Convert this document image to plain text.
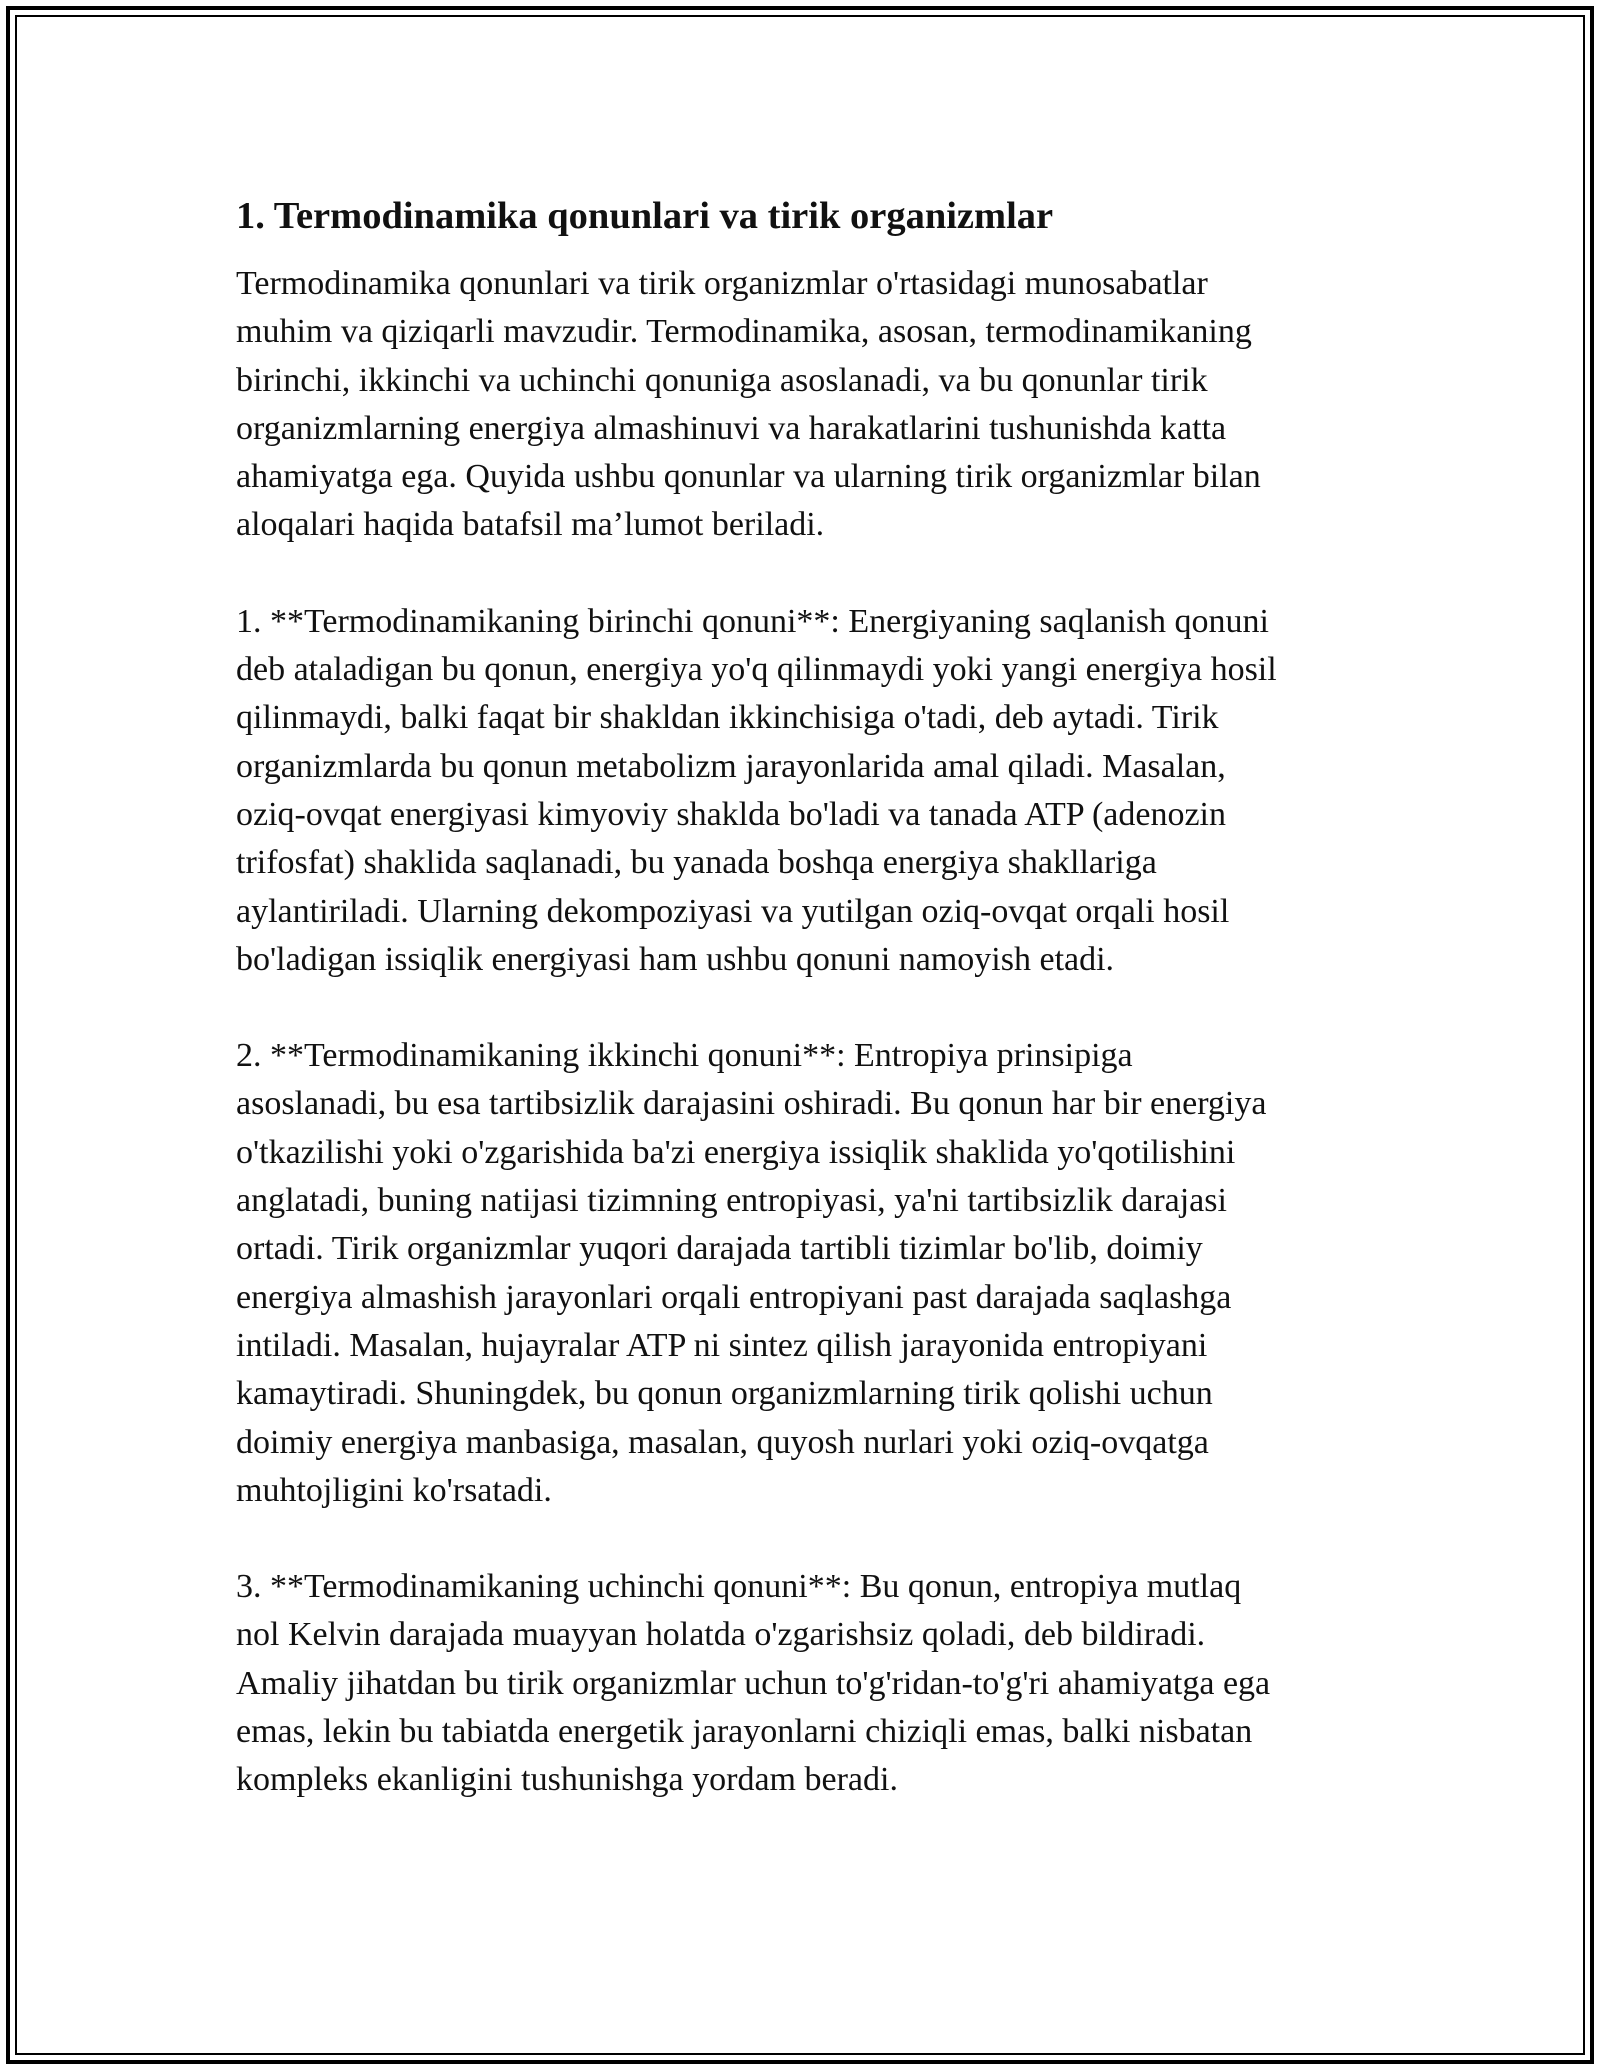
1. Termodinamika qonunlari va tirik organizmlar

Termodinamika qonunlari va tirik organizmlar o'rtasidagi munosabatlar
muhim va qiziqarli mavzudir. Termodinamika, asosan, termodinamikaning
birinchi, ikkinchi va uchinchi qonuniga asoslanadi, va bu qonunlar tirik
organizmlarning energiya almashinuvi va harakatlarini tushunishda katta
ahamiyatga ega. Quyida ushbu qonunlar va ularning tirik organizmlar bilan
aloqalari haqida batafsil ma’lumot beriladi.

1. **Termodinamikaning birinchi qonuni**: Energiyaning saqlanish qonuni
deb ataladigan bu qonun, energiya yo'q qilinmaydi yoki yangi energiya hosil
qilinmaydi, balki faqat bir shakldan ikkinchisiga o'tadi, deb aytadi. Tirik
organizmlarda bu qonun metabolizm jarayonlarida amal qiladi. Masalan,
oziq-ovqat energiyasi kimyoviy shaklda bo'ladi va tanada ATP (adenozin
trifosfat) shaklida saqlanadi, bu yanada boshqa energiya shakllariga
aylantiriladi. Ularning dekompoziyasi va yutilgan oziq-ovqat orqali hosil
bo'ladigan issiqlik energiyasi ham ushbu qonuni namoyish etadi.

2. **Termodinamikaning ikkinchi qonuni**: Entropiya prinsipiga
asoslanadi, bu esa tartibsizlik darajasini oshiradi. Bu qonun har bir energiya
o'tkazilishi yoki o'zgarishida ba'zi energiya issiqlik shaklida yo'qotilishini
anglatadi, buning natijasi tizimning entropiyasi, ya'ni tartibsizlik darajasi
ortadi. Tirik organizmlar yuqori darajada tartibli tizimlar bo'lib, doimiy
energiya almashish jarayonlari orqali entropiyani past darajada saqlashga
intiladi. Masalan, hujayralar ATP ni sintez qilish jarayonida entropiyani
kamaytiradi. Shuningdek, bu qonun organizmlarning tirik qolishi uchun
doimiy energiya manbasiga, masalan, quyosh nurlari yoki oziq-ovqatga
muhtojligini ko'rsatadi.

3. **Termodinamikaning uchinchi qonuni**: Bu qonun, entropiya mutlaq
nol Kelvin darajada muayyan holatda o'zgarishsiz qoladi, deb bildiradi.
Amaliy jihatdan bu tirik organizmlar uchun to'g'ridan-to'g'ri ahamiyatga ega
emas, lekin bu tabiatda energetik jarayonlarni chiziqli emas, balki nisbatan
kompleks ekanligini tushunishga yordam beradi.
